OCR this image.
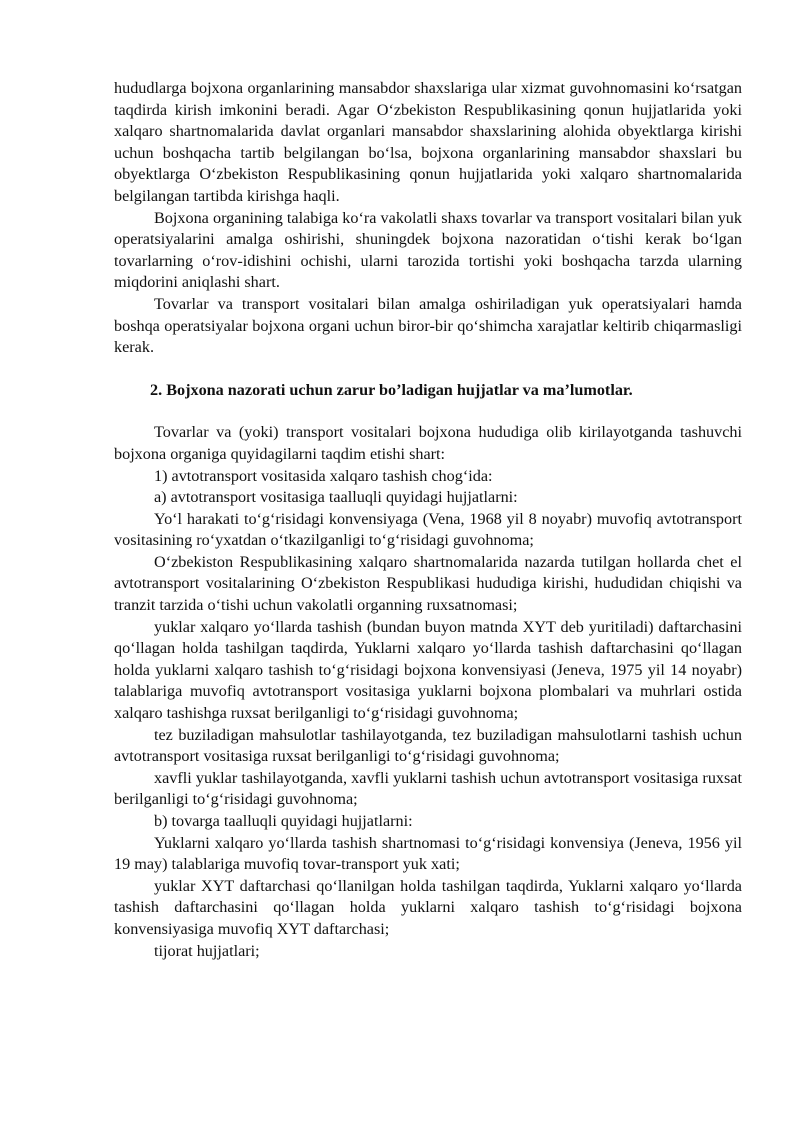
hududlarga bojxona organlarining mansabdor shaxslariga ular xizmat guvohnomasini koʻrsatgan taqdirda kirish imkonini beradi. Agar Oʻzbekiston Respublikasining qonun hujjatlarida yoki xalqaro shartnomalarida davlat organlari mansabdor shaxslarining alohida obyektlarga kirishi uchun boshqacha tartib belgilangan boʻlsa, bojxona organlarining mansabdor shaxslari bu obyektlarga Oʻzbekiston Respublikasining qonun hujjatlarida yoki xalqaro shartnomalarida belgilangan tartibda kirishga haqli.

Bojxona organining talabiga koʻra vakolatli shaxs tovarlar va transport vositalari bilan yuk operatsiyalarini amalga oshirishi, shuningdek bojxona nazoratidan oʻtishi kerak boʻlgan tovarlarning oʻrov-idishini ochishi, ularni tarozida tortishi yoki boshqacha tarzda ularning miqdorini aniqlashi shart.

Tovarlar va transport vositalari bilan amalga oshiriladigan yuk operatsiyalari hamda boshqa operatsiyalar bojxona organi uchun biror-bir qoʻshimcha xarajatlar keltirib chiqarmasligi kerak.

2. Bojxona nazorati uchun zarur boʼladigan hujjatlar va maʼlumotlar.

Tovarlar va (yoki) transport vositalari bojxona hududiga olib kirilayotganda tashuvchi bojxona organiga quyidagilarni taqdim etishi shart:

1) avtotransport vositasida xalqaro tashish chogʻida:

a) avtotransport vositasiga taalluqli quyidagi hujjatlarni:

Yoʻl harakati toʻgʻrisidagi konvensiyaga (Vena, 1968 yil 8 noyabr) muvofiq avtotransport vositasining roʻyxatdan oʻtkazilganligi toʻgʻrisidagi guvohnoma;

Oʻzbekiston Respublikasining xalqaro shartnomalarida nazarda tutilgan hollarda chet el avtotransport vositalarining Oʻzbekiston Respublikasi hududiga kirishi, hududidan chiqishi va tranzit tarzida oʻtishi uchun vakolatli organning ruxsatnomasi;

yuklar xalqaro yoʻllarda tashish (bundan buyon matnda XYT deb yuritiladi) daftarchasini qoʻllagan holda tashilgan taqdirda, Yuklarni xalqaro yoʻllarda tashish daftarchasini qoʻllagan holda yuklarni xalqaro tashish toʻgʻrisidagi bojxona konvensiyasi (Jeneva, 1975 yil 14 noyabr) talablariga muvofiq avtotransport vositasiga yuklarni bojxona plombalari va muhrlari ostida xalqaro tashishga ruxsat berilganligi toʻgʻrisidagi guvohnoma;

tez buziladigan mahsulotlar tashilayotganda, tez buziladigan mahsulotlarni tashish uchun avtotransport vositasiga ruxsat berilganligi toʻgʻrisidagi guvohnoma;

xavfli yuklar tashilayotganda, xavfli yuklarni tashish uchun avtotransport vositasiga ruxsat berilganligi toʻgʻrisidagi guvohnoma;

b) tovarga taalluqli quyidagi hujjatlarni:

Yuklarni xalqaro yoʻllarda tashish shartnomasi toʻgʻrisidagi konvensiya (Jeneva, 1956 yil 19 may) talablariga muvofiq tovar-transport yuk xati;

yuklar XYT daftarchasi qoʻllanilgan holda tashilgan taqdirda, Yuklarni xalqaro yoʻllarda tashish daftarchasini qoʻllagan holda yuklarni xalqaro tashish toʻgʻrisidagi bojxona konvensiyasiga muvofiq XYT daftarchasi;

tijorat hujjatlari;
